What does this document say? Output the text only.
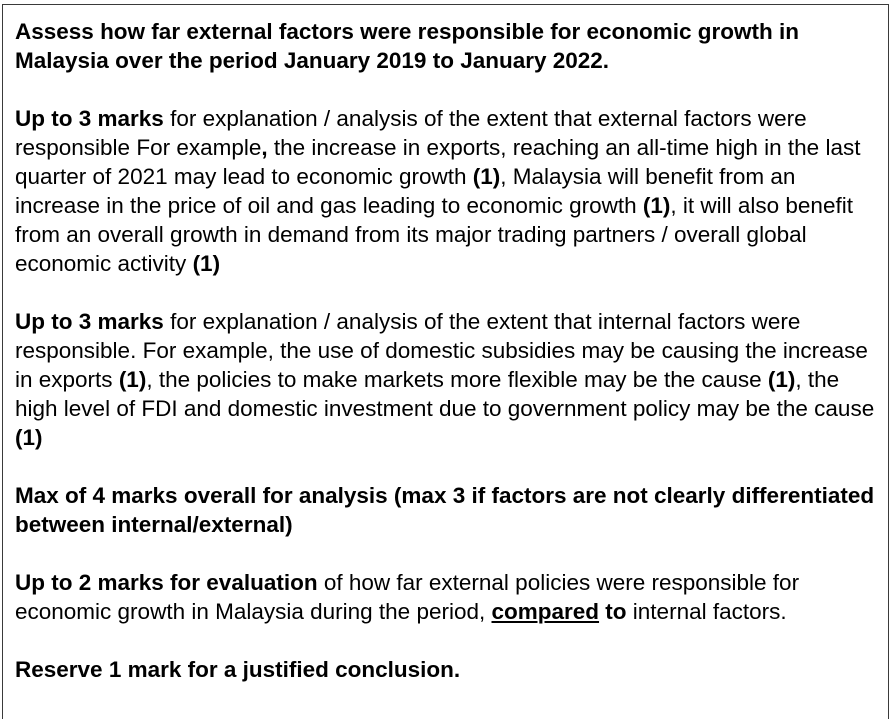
Assess how far external factors were responsible for economic growth in Malaysia over the period January 2019 to January 2022.

Up to 3 marks for explanation / analysis of the extent that external factors were responsible For example, the increase in exports, reaching an all-time high in the last quarter of 2021 may lead to economic growth (1), Malaysia will benefit from an increase in the price of oil and gas leading to economic growth (1), it will also benefit from an overall growth in demand from its major trading partners / overall global economic activity (1)

Up to 3 marks for explanation / analysis of the extent that internal factors were responsible. For example, the use of domestic subsidies may be causing the increase in exports (1), the policies to make markets more flexible may be the cause (1), the high level of FDI and domestic investment due to government policy may be the cause (1)

Max of 4 marks overall for analysis (max 3 if factors are not clearly differentiated between internal/external)

Up to 2 marks for evaluation of how far external policies were responsible for economic growth in Malaysia during the period, compared to internal factors.

Reserve 1 mark for a justified conclusion.
